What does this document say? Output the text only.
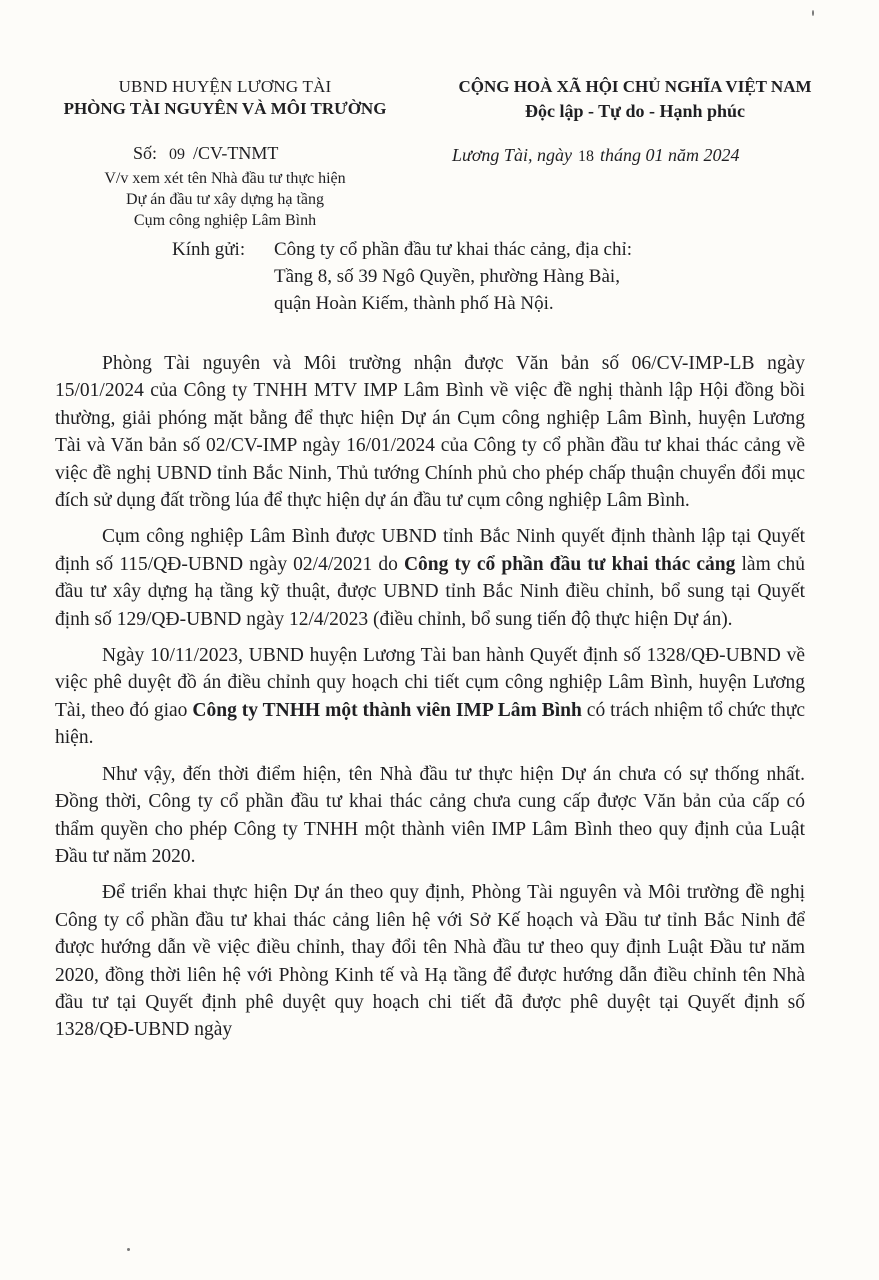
UBND HUYỆN LƯƠNG TÀI
PHÒNG TÀI NGUYÊN VÀ MÔI TRƯỜNG
CỘNG HOÀ XÃ HỘI CHỦ NGHĨA VIỆT NAM
Độc lập - Tự do - Hạnh phúc
Số: 09 /CV-TNMT	Lương Tài, ngày 18 tháng 01 năm 2024
V/v xem xét tên Nhà đầu tư thực hiện
Dự án đầu tư xây dựng hạ tầng
Cụm công nghiệp Lâm Bình
Kính gửi: Công ty cổ phần đầu tư khai thác cảng, địa chỉ:
Tầng 8, số 39 Ngô Quyền, phường Hàng Bài,
quận Hoàn Kiếm, thành phố Hà Nội.

Phòng Tài nguyên và Môi trường nhận được Văn bản số 06/CV-IMP-LB ngày 15/01/2024 của Công ty TNHH MTV IMP Lâm Bình về việc đề nghị thành lập Hội đồng bồi thường, giải phóng mặt bằng để thực hiện Dự án Cụm công nghiệp Lâm Bình, huyện Lương Tài và Văn bản số 02/CV-IMP ngày 16/01/2024 của Công ty cổ phần đầu tư khai thác cảng về việc đề nghị UBND tỉnh Bắc Ninh, Thủ tướng Chính phủ cho phép chấp thuận chuyển đổi mục đích sử dụng đất trồng lúa để thực hiện dự án đầu tư cụm công nghiệp Lâm Bình.

Cụm công nghiệp Lâm Bình được UBND tỉnh Bắc Ninh quyết định thành lập tại Quyết định số 115/QĐ-UBND ngày 02/4/2021 do Công ty cổ phần đầu tư khai thác cảng làm chủ đầu tư xây dựng hạ tầng kỹ thuật, được UBND tỉnh Bắc Ninh điều chỉnh, bổ sung tại Quyết định số 129/QĐ-UBND ngày 12/4/2023 (điều chỉnh, bổ sung tiến độ thực hiện Dự án).

Ngày 10/11/2023, UBND huyện Lương Tài ban hành Quyết định số 1328/QĐ-UBND về việc phê duyệt đồ án điều chỉnh quy hoạch chi tiết cụm công nghiệp Lâm Bình, huyện Lương Tài, theo đó giao Công ty TNHH một thành viên IMP Lâm Bình có trách nhiệm tổ chức thực hiện.

Như vậy, đến thời điểm hiện, tên Nhà đầu tư thực hiện Dự án chưa có sự thống nhất. Đồng thời, Công ty cổ phần đầu tư khai thác cảng chưa cung cấp được Văn bản của cấp có thẩm quyền cho phép Công ty TNHH một thành viên IMP Lâm Bình theo quy định của Luật Đầu tư năm 2020.

Để triển khai thực hiện Dự án theo quy định, Phòng Tài nguyên và Môi trường đề nghị Công ty cổ phần đầu tư khai thác cảng liên hệ với Sở Kế hoạch và Đầu tư tỉnh Bắc Ninh để được hướng dẫn về việc điều chỉnh, thay đổi tên Nhà đầu tư theo quy định Luật Đầu tư năm 2020, đồng thời liên hệ với Phòng Kinh tế và Hạ tầng để được hướng dẫn điều chỉnh tên Nhà đầu tư tại Quyết định phê duyệt quy hoạch chi tiết đã được phê duyệt tại Quyết định số 1328/QĐ-UBND ngày
